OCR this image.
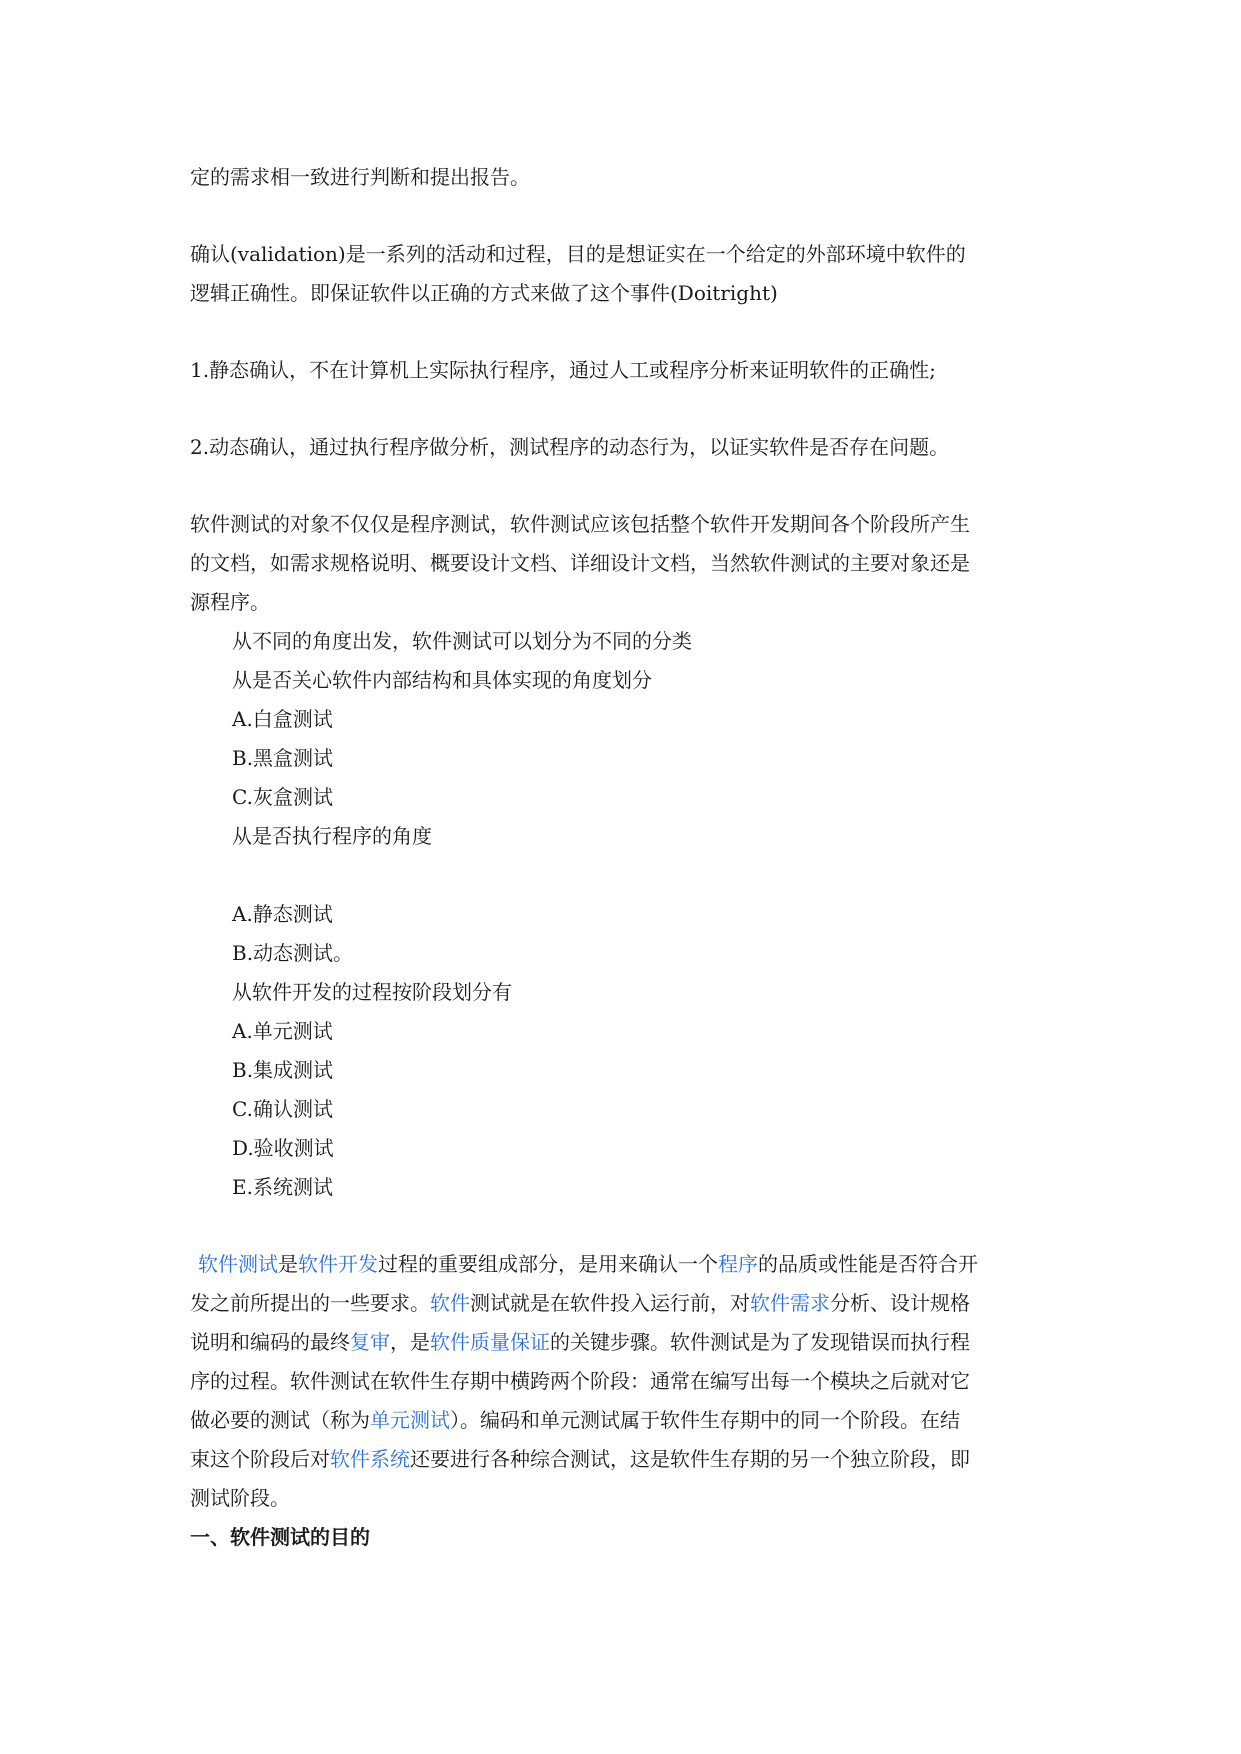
定的需求相一致进行判断和提出报告。

确认(validation)是一系列的活动和过程，目的是想证实在一个给定的外部环境中软件的

逻辑正确性。即保证软件以正确的方式来做了这个事件(Doitright)

1.静态确认，不在计算机上实际执行程序，通过人工或程序分析来证明软件的正确性;

2.动态确认，通过执行程序做分析，测试程序的动态行为，以证实软件是否存在问题。

软件测试的对象不仅仅是程序测试，软件测试应该包括整个软件开发期间各个阶段所产生

的文档，如需求规格说明、概要设计文档、详细设计文档，当然软件测试的主要对象还是

源程序。

从不同的角度出发，软件测试可以划分为不同的分类

从是否关心软件内部结构和具体实现的角度划分

A.白盒测试

B.黑盒测试

C.灰盒测试

从是否执行程序的角度

A.静态测试

B.动态测试。

从软件开发的过程按阶段划分有

A.单元测试

B.集成测试

C.确认测试

D.验收测试

E.系统测试

软件测试是软件开发过程的重要组成部分，是用来确认一个程序的品质或性能是否符合开

发之前所提出的一些要求。软件测试就是在软件投入运行前，对软件需求分析、设计规格

说明和编码的最终复审，是软件质量保证的关键步骤。软件测试是为了发现错误而执行程

序的过程。软件测试在软件生存期中横跨两个阶段：通常在编写出每一个模块之后就对它

做必要的测试（称为单元测试）。编码和单元测试属于软件生存期中的同一个阶段。在结

束这个阶段后对软件系统还要进行各种综合测试，这是软件生存期的另一个独立阶段，即

测试阶段。

一、软件测试的目的
